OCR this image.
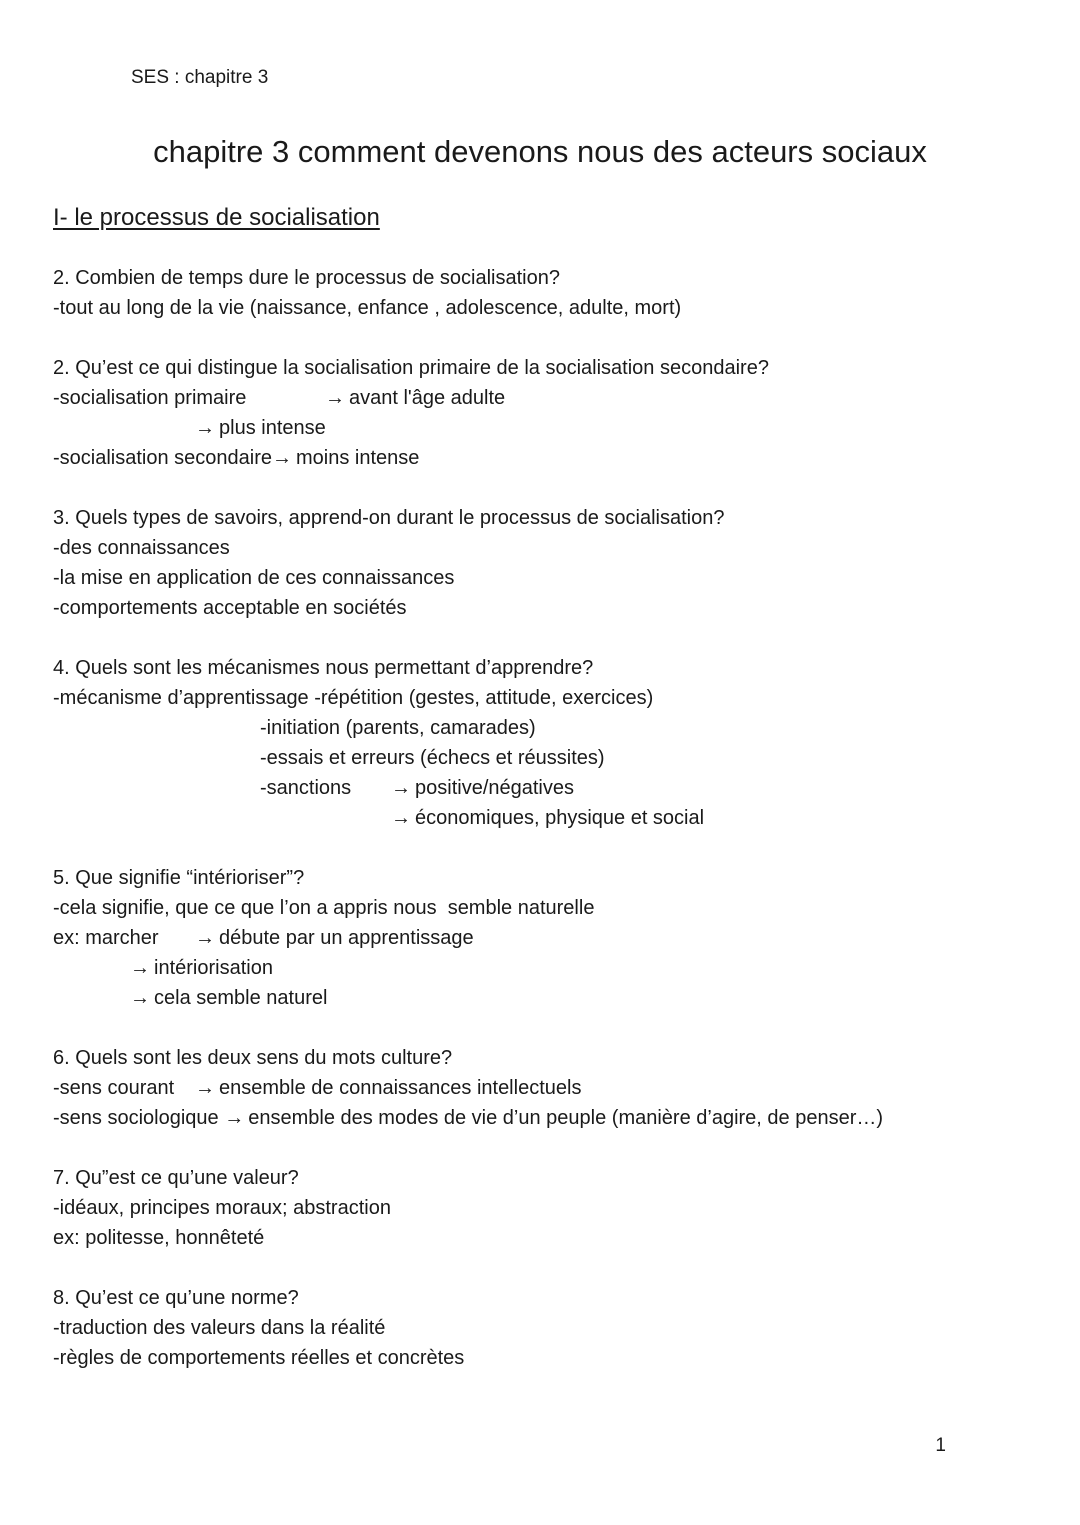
SES : chapitre 3
chapitre 3 comment devenons nous des acteurs sociaux
I- le processus de socialisation
2. Combien de temps dure le processus de socialisation?
-tout au long de la vie (naissance, enfance , adolescence, adulte, mort)
2. Qu’est ce qui distingue la socialisation primaire de la socialisation secondaire?
-socialisation primaire	→ avant l'âge adulte
→ plus intense
-socialisation secondaire→ moins intense
3. Quels types de savoirs, apprend-on durant le processus de socialisation?
-des connaissances
-la mise en application de ces connaissances
-comportements acceptable en sociétés
4. Quels sont les mécanismes nous permettant d’apprendre?
-mécanisme d’apprentissage -répétition (gestes, attitude, exercices)
-initiation (parents, camarades)
-essais et erreurs (échecs et réussites)
-sanctions → positive/négatives
→ économiques, physique et social
5. Que signifie “intérioriser”?
-cela signifie, que ce que l’on a appris nous  semble naturelle
ex: marcher → débute par un apprentissage
→ intériorisation
→ cela semble naturel
6. Quels sont les deux sens du mots culture?
-sens courant → ensemble de connaissances intellectuels
-sens sociologique → ensemble des modes de vie d’un peuple (manière d’agire, de penser…)
7. Qu”est ce qu’une valeur?
-idéaux, principes moraux; abstraction
ex: politesse, honnêteté
8. Qu’est ce qu’une norme?
-traduction des valeurs dans la réalité
-règles de comportements réelles et concrètes
1
